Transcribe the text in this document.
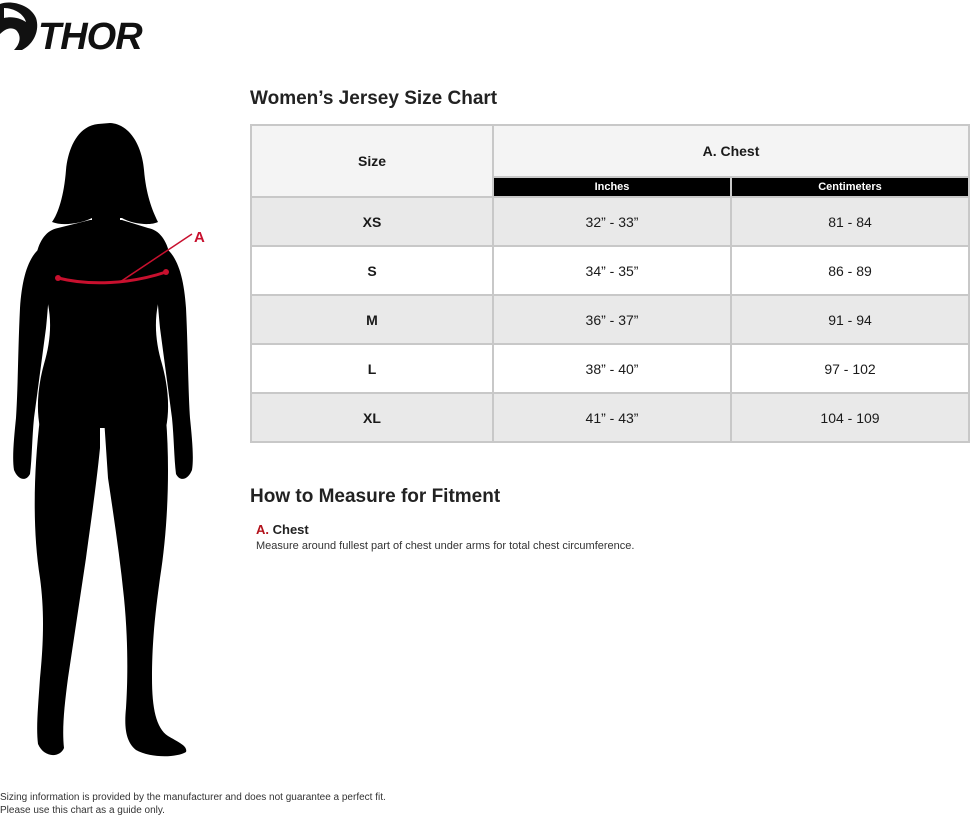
THOR
A
Women’s Jersey Size Chart
Size	A. Chest	
	Inches	Centimeters
XS	32” - 33”	81 - 84
S	34” - 35”	86 - 89
M	36” - 37”	91 - 94
L	38” - 40”	97 - 102
XL	41” - 43”	104 - 109
How to Measure for Fitment
A. Chest
Measure around fullest part of chest under arms for total chest circumference.
Sizing information is provided by the manufacturer and does not guarantee a perfect fit.
Please use this chart as a guide only.
